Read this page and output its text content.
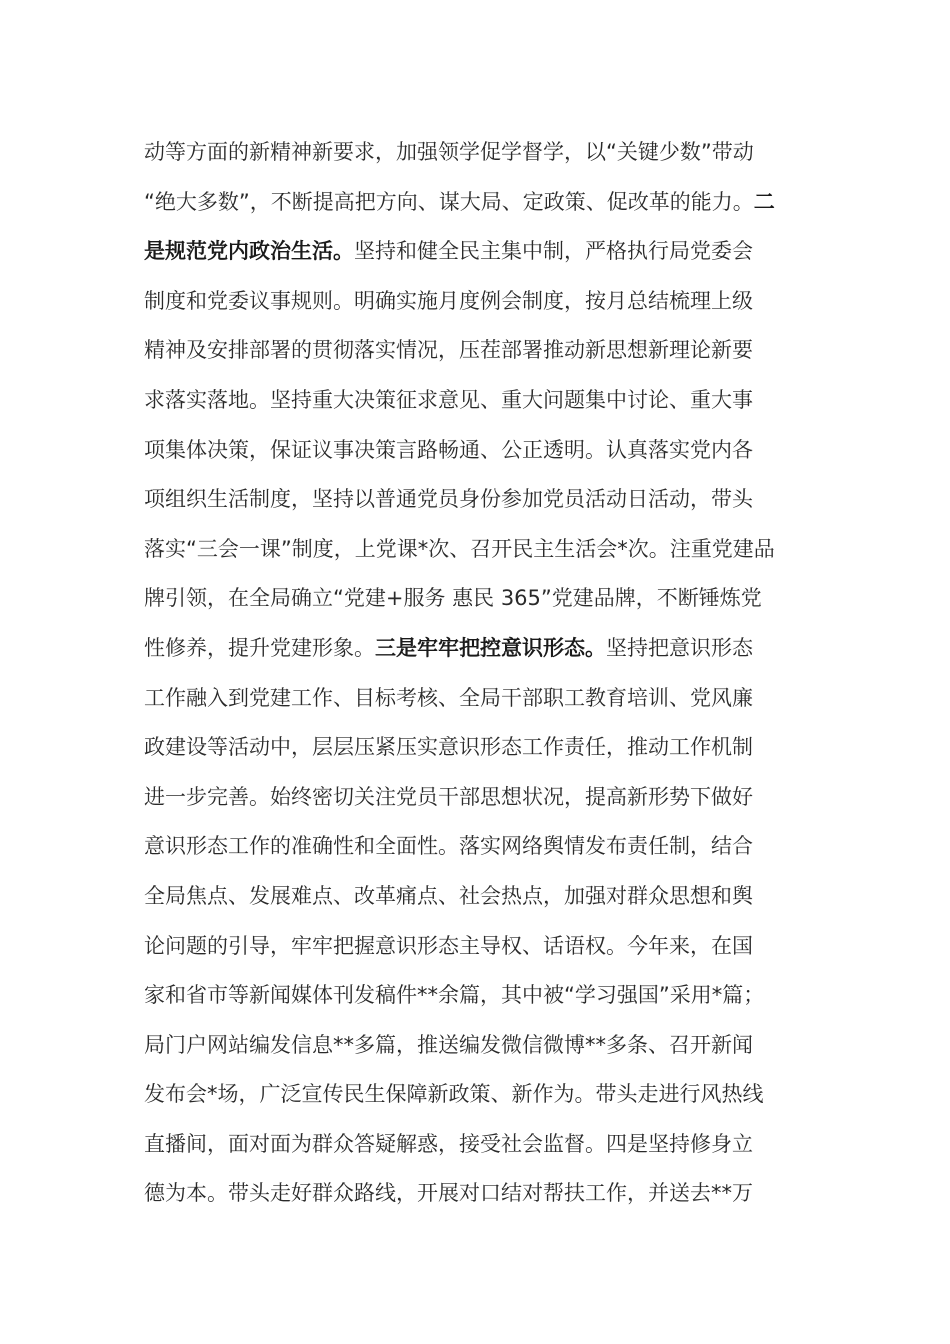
动等方面的新精神新要求，加强领学促学督学，以“关键少数”带动
“绝大多数”，不断提高把方向、谋大局、定政策、促改革的能力。二
是规范党内政治生活。坚持和健全民主集中制，严格执行局党委会
制度和党委议事规则。明确实施月度例会制度，按月总结梳理上级
精神及安排部署的贯彻落实情况，压茬部署推动新思想新理论新要
求落实落地。坚持重大决策征求意见、重大问题集中讨论、重大事
项集体决策，保证议事决策言路畅通、公正透明。认真落实党内各
项组织生活制度，坚持以普通党员身份参加党员活动日活动，带头
落实“三会一课”制度，上党课*次、召开民主生活会*次。注重党建品
牌引领，在全局确立“党建+服务 惠民 365”党建品牌，不断锤炼党
性修养，提升党建形象。三是牢牢把控意识形态。坚持把意识形态
工作融入到党建工作、目标考核、全局干部职工教育培训、党风廉
政建设等活动中，层层压紧压实意识形态工作责任，推动工作机制
进一步完善。始终密切关注党员干部思想状况，提高新形势下做好
意识形态工作的准确性和全面性。落实网络舆情发布责任制，结合
全局焦点、发展难点、改革痛点、社会热点，加强对群众思想和舆
论问题的引导，牢牢把握意识形态主导权、话语权。今年来，在国
家和省市等新闻媒体刊发稿件**余篇，其中被“学习强国”采用*篇；
局门户网站编发信息**多篇，推送编发微信微博**多条、召开新闻
发布会*场，广泛宣传民生保障新政策、新作为。带头走进行风热线
直播间，面对面为群众答疑解惑，接受社会监督。四是坚持修身立
德为本。带头走好群众路线，开展对口结对帮扶工作，并送去**万
